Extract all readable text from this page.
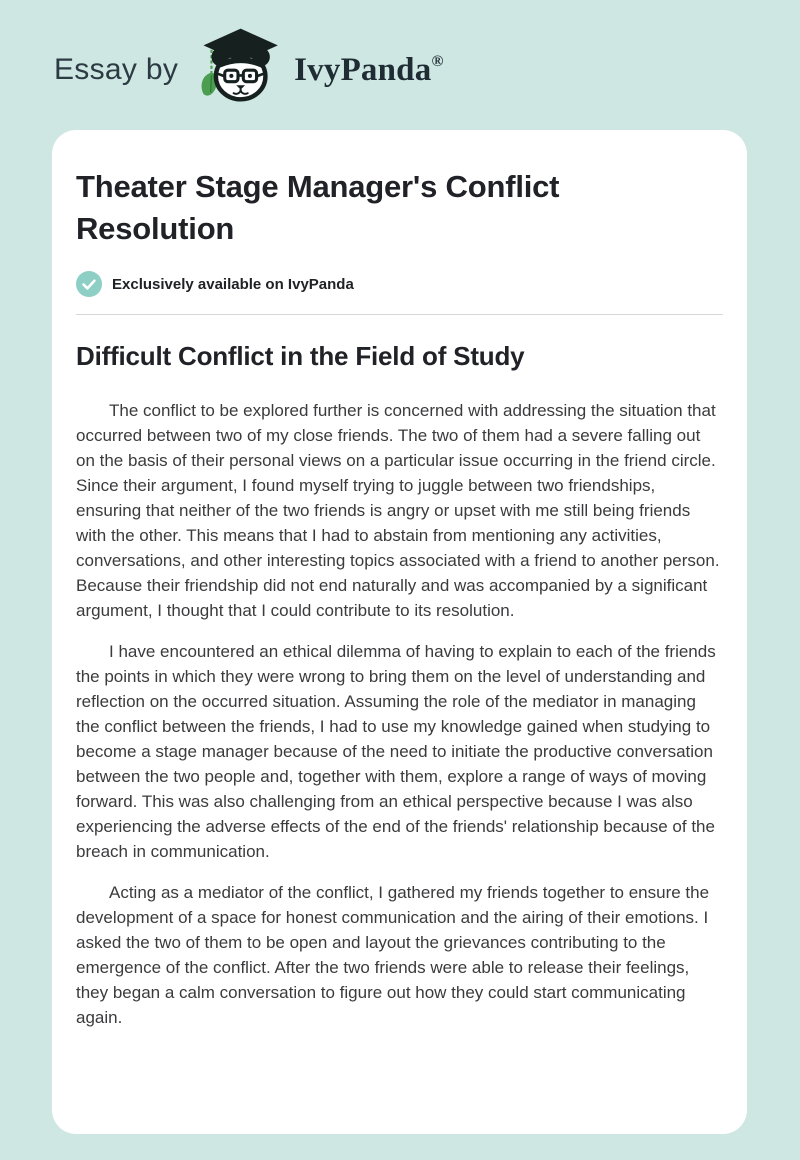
Essay by	IvyPanda®
Theater Stage Manager's Conflict Resolution
Exclusively available on IvyPanda
Difficult Conflict in the Field of Study

The conflict to be explored further is concerned with addressing the situation that occurred between two of my close friends. The two of them had a severe falling out on the basis of their personal views on a particular issue occurring in the friend circle. Since their argument, I found myself trying to juggle between two friendships, ensuring that neither of the two friends is angry or upset with me still being friends with the other. This means that I had to abstain from mentioning any activities, conversations, and other interesting topics associated with a friend to another person. Because their friendship did not end naturally and was accompanied by a significant argument, I thought that I could contribute to its resolution.

I have encountered an ethical dilemma of having to explain to each of the friends the points in which they were wrong to bring them on the level of understanding and reflection on the occurred situation. Assuming the role of the mediator in managing the conflict between the friends, I had to use my knowledge gained when studying to become a stage manager because of the need to initiate the productive conversation between the two people and, together with them, explore a range of ways of moving forward. This was also challenging from an ethical perspective because I was also experiencing the adverse effects of the end of the friends' relationship because of the breach in communication.

Acting as a mediator of the conflict, I gathered my friends together to ensure the development of a space for honest communication and the airing of their emotions. I asked the two of them to be open and layout the grievances contributing to the emergence of the conflict. After the two friends were able to release their feelings, they began a calm conversation to figure out how they could start communicating again.
